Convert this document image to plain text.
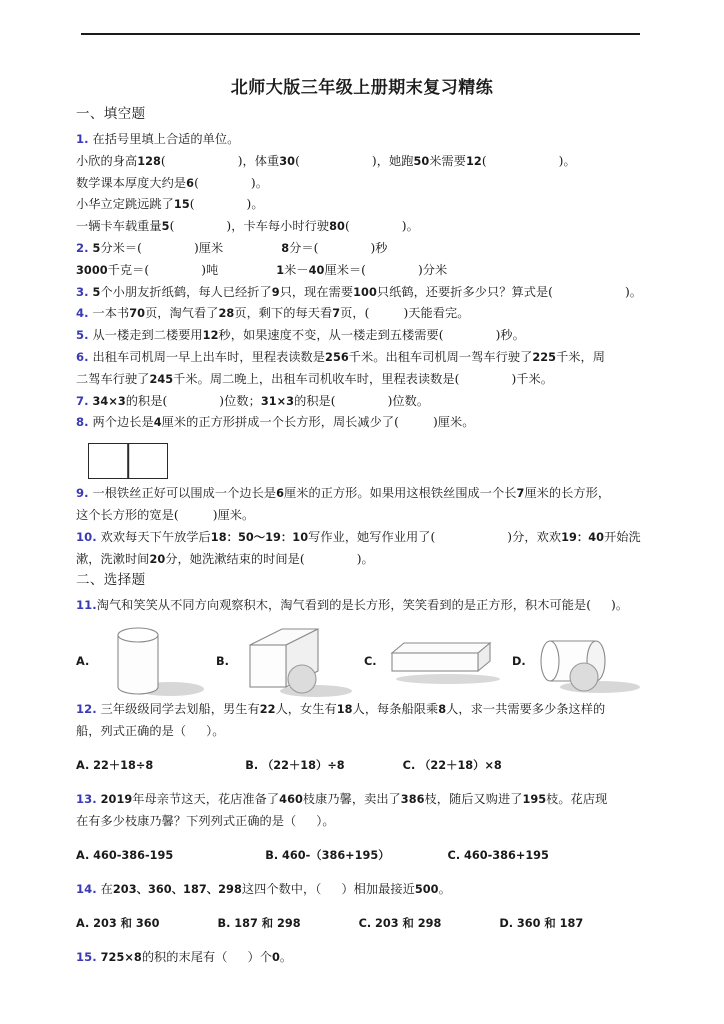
北师大版三年级上册期末复习精练
一、填空题

1. 在括号里填上合适的单位。

小欣的身高128(	)，体重30(	)，她跑50米需要12(	)。

数学课本厚度大约是6(	)。

小华立定跳远跳了15(	)。

一辆卡车载重量5(	)，卡车每小时行驶80(	)。

2. 5分米＝(	)厘米	8分＝(	)秒

3000千克＝(	)吨	1米－40厘米＝(	)分米

3. 5个小朋友折纸鹤，每人已经折了9只，现在需要100只纸鹤，还要折多少只？算式是(	)。

4. 一本书70页，淘气看了28页，剩下的每天看7页，(	)天能看完。

5. 从一楼走到二楼要用12秒，如果速度不变，从一楼走到五楼需要(	)秒。

6. 出租车司机周一早上出车时，里程表读数是256千米。出租车司机周一驾车行驶了225千米，周
二驾车行驶了245千米。周二晚上，出租车司机收车时，里程表读数是(	)千米。

7. 34×3的积是(	)位数；31×3的积是(	)位数。

8. 两个边长是4厘米的正方形拼成一个长方形，周长减少了(	)厘米。

9. 一根铁丝正好可以围成一个边长是6厘米的正方形。如果用这根铁丝围成一个长7厘米的长方形，
这个长方形的宽是(	)厘米。

10. 欢欢每天下午放学后18：50～19：10写作业，她写作业用了(	)分，欢欢19：40开始洗
漱，洗漱时间20分，她洗漱结束的时间是(	)。

二、选择题

11.淘气和笑笑从不同方向观察积木，淘气看到的是长方形，笑笑看到的是正方形，积木可能是( )。

A.	B.	C.	D.

12. 三年级级同学去划船，男生有22人，女生有18人，每条船限乘8人，求一共需要多少条这样的
船，列式正确的是（ ）。

A. 22＋18÷8	B. （22＋18）÷8	C. （22＋18）×8

13. 2019年母亲节这天，花店准备了460枝康乃馨，卖出了386枝，随后又购进了195枝。花店现
在有多少枝康乃馨？下列列式正确的是（ ）。

A. 460-386-195	B. 460-（386+195）	C. 460-386+195

14. 在203、360、187、298这四个数中，（ ）相加最接近500。

A. 203 和 360	B. 187 和 298	C. 203 和 298	D. 360 和 187

15. 725×8的积的末尾有（ ）个0。
